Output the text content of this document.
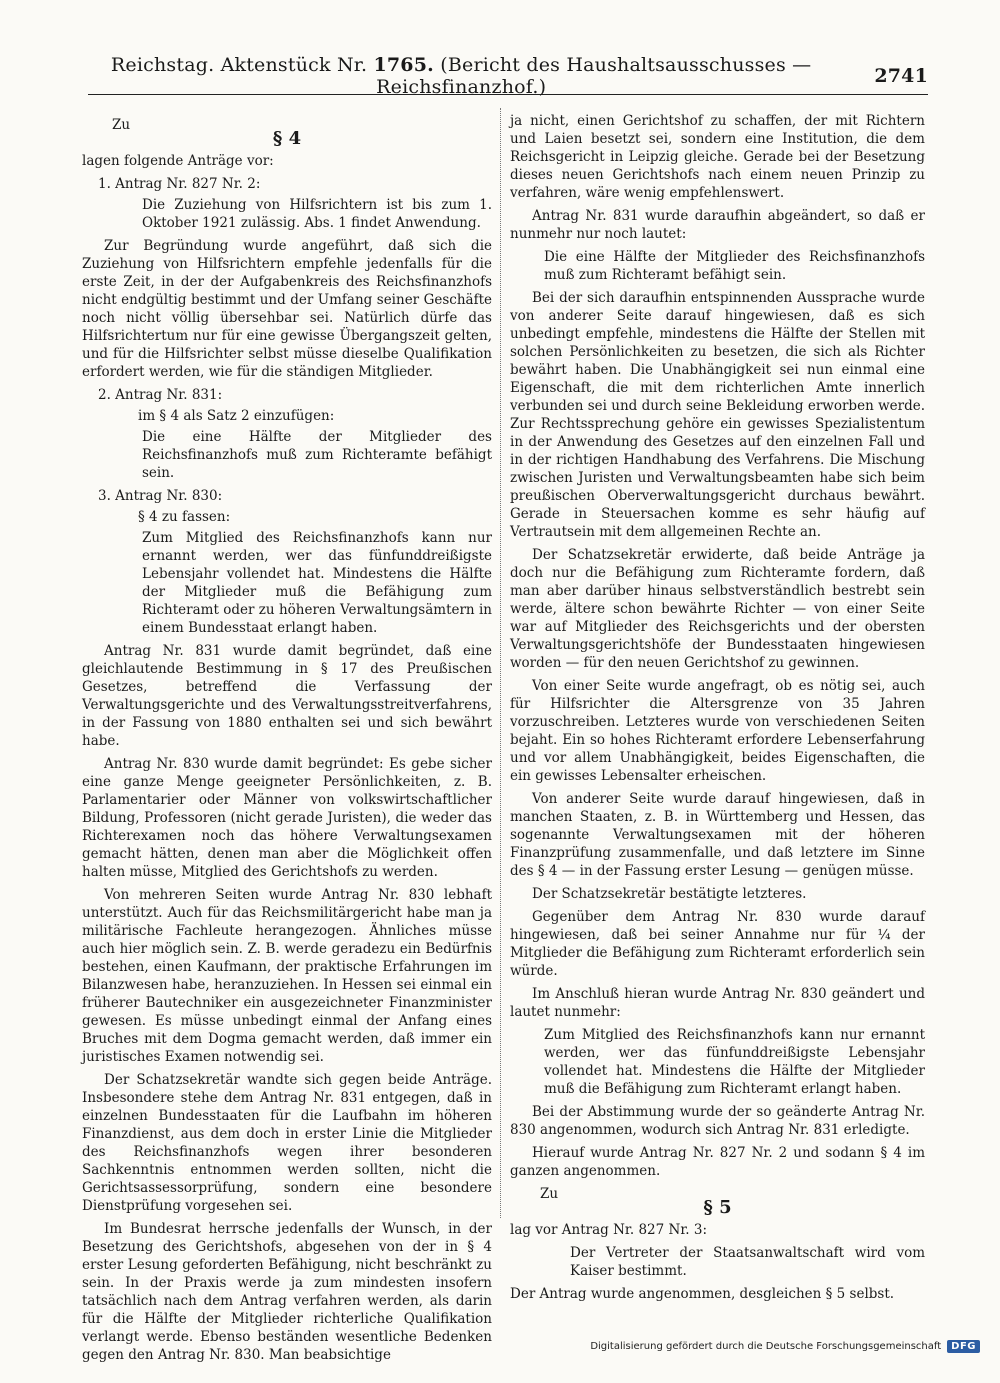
Reichstag. Aktenstück Nr. 1765. (Bericht des Haushaltsausschusses — Reichsfinanzhof.)	2741

Zu

§ 4

lagen folgende Anträge vor:

1. Antrag Nr. 827 Nr. 2:

Die Zuziehung von Hilfsrichtern ist bis zum 1. Oktober 1921 zulässig. Abs. 1 findet Anwendung.

Zur Begründung wurde angeführt, daß sich die Zuziehung von Hilfsrichtern empfehle jedenfalls für die erste Zeit, in der der Aufgabenkreis des Reichsfinanzhofs nicht endgültig bestimmt und der Umfang seiner Geschäfte noch nicht völlig übersehbar sei. Natürlich dürfe das Hilfsrichtertum nur für eine gewisse Übergangszeit gelten, und für die Hilfsrichter selbst müsse dieselbe Qualifikation erfordert werden, wie für die ständigen Mitglieder.

2. Antrag Nr. 831:

im § 4 als Satz 2 einzufügen:

Die eine Hälfte der Mitglieder des Reichsfinanzhofs muß zum Richteramte befähigt sein.

3. Antrag Nr. 830:

§ 4 zu fassen:

Zum Mitglied des Reichsfinanzhofs kann nur ernannt werden, wer das fünfunddreißigste Lebensjahr vollendet hat. Mindestens die Hälfte der Mitglieder muß die Befähigung zum Richteramt oder zu höheren Verwaltungsämtern in einem Bundesstaat erlangt haben.

Antrag Nr. 831 wurde damit begründet, daß eine gleichlautende Bestimmung in § 17 des Preußischen Gesetzes, betreffend die Verfassung der Verwaltungsgerichte und des Verwaltungsstreitverfahrens, in der Fassung von 1880 enthalten sei und sich bewährt habe.

Antrag Nr. 830 wurde damit begründet: Es gebe sicher eine ganze Menge geeigneter Persönlichkeiten, z. B. Parlamentarier oder Männer von volkswirtschaftlicher Bildung, Professoren (nicht gerade Juristen), die weder das Richterexamen noch das höhere Verwaltungsexamen gemacht hätten, denen man aber die Möglichkeit offen halten müsse, Mitglied des Gerichtshofs zu werden.

Von mehreren Seiten wurde Antrag Nr. 830 lebhaft unterstützt. Auch für das Reichsmilitärgericht habe man ja militärische Fachleute herangezogen. Ähnliches müsse auch hier möglich sein. Z. B. werde geradezu ein Bedürfnis bestehen, einen Kaufmann, der praktische Erfahrungen im Bilanzwesen habe, heranzuziehen. In Hessen sei einmal ein früherer Bautechniker ein ausgezeichneter Finanzminister gewesen. Es müsse unbedingt einmal der Anfang eines Bruches mit dem Dogma gemacht werden, daß immer ein juristisches Examen notwendig sei.

Der Schatzsekretär wandte sich gegen beide Anträge. Insbesondere stehe dem Antrag Nr. 831 entgegen, daß in einzelnen Bundesstaaten für die Laufbahn im höheren Finanzdienst, aus dem doch in erster Linie die Mitglieder des Reichsfinanzhofs wegen ihrer besonderen Sachkenntnis entnommen werden sollten, nicht die Gerichtsassessorprüfung, sondern eine besondere Dienstprüfung vorgesehen sei.

Im Bundesrat herrsche jedenfalls der Wunsch, in der Besetzung des Gerichtshofs, abgesehen von der in § 4 erster Lesung geforderten Befähigung, nicht beschränkt zu sein. In der Praxis werde ja zum mindesten insofern tatsächlich nach dem Antrag verfahren werden, als darin für die Hälfte der Mitglieder richterliche Qualifikation verlangt werde. Ebenso beständen wesentliche Bedenken gegen den Antrag Nr. 830. Man beabsichtige

ja nicht, einen Gerichtshof zu schaffen, der mit Richtern und Laien besetzt sei, sondern eine Institution, die dem Reichsgericht in Leipzig gleiche. Gerade bei der Besetzung dieses neuen Gerichtshofs nach einem neuen Prinzip zu verfahren, wäre wenig empfehlenswert.

Antrag Nr. 831 wurde daraufhin abgeändert, so daß er nunmehr nur noch lautet:

Die eine Hälfte der Mitglieder des Reichsfinanzhofs muß zum Richteramt befähigt sein.

Bei der sich daraufhin entspinnenden Aussprache wurde von anderer Seite darauf hingewiesen, daß es sich unbedingt empfehle, mindestens die Hälfte der Stellen mit solchen Persönlichkeiten zu besetzen, die sich als Richter bewährt haben. Die Unabhängigkeit sei nun einmal eine Eigenschaft, die mit dem richterlichen Amte innerlich verbunden sei und durch seine Bekleidung erworben werde. Zur Rechtssprechung gehöre ein gewisses Spezialistentum in der Anwendung des Gesetzes auf den einzelnen Fall und in der richtigen Handhabung des Verfahrens. Die Mischung zwischen Juristen und Verwaltungsbeamten habe sich beim preußischen Oberverwaltungsgericht durchaus bewährt. Gerade in Steuersachen komme es sehr häufig auf Vertrautsein mit dem allgemeinen Rechte an.

Der Schatzsekretär erwiderte, daß beide Anträge ja doch nur die Befähigung zum Richteramte fordern, daß man aber darüber hinaus selbstverständlich bestrebt sein werde, ältere schon bewährte Richter — von einer Seite war auf Mitglieder des Reichsgerichts und der obersten Verwaltungsgerichtshöfe der Bundesstaaten hingewiesen worden — für den neuen Gerichtshof zu gewinnen.

Von einer Seite wurde angefragt, ob es nötig sei, auch für Hilfsrichter die Altersgrenze von 35 Jahren vorzuschreiben. Letzteres wurde von verschiedenen Seiten bejaht. Ein so hohes Richteramt erfordere Lebenserfahrung und vor allem Unabhängigkeit, beides Eigenschaften, die ein gewisses Lebensalter erheischen.

Von anderer Seite wurde darauf hingewiesen, daß in manchen Staaten, z. B. in Württemberg und Hessen, das sogenannte Verwaltungsexamen mit der höheren Finanzprüfung zusammenfalle, und daß letztere im Sinne des § 4 — in der Fassung erster Lesung — genügen müsse.

Der Schatzsekretär bestätigte letzteres.

Gegenüber dem Antrag Nr. 830 wurde darauf hingewiesen, daß bei seiner Annahme nur für ¼ der Mitglieder die Befähigung zum Richteramt erforderlich sein würde.

Im Anschluß hieran wurde Antrag Nr. 830 geändert und lautet nunmehr:

Zum Mitglied des Reichsfinanzhofs kann nur ernannt werden, wer das fünfunddreißigste Lebensjahr vollendet hat. Mindestens die Hälfte der Mitglieder muß die Befähigung zum Richteramt erlangt haben.

Bei der Abstimmung wurde der so geänderte Antrag Nr. 830 angenommen, wodurch sich Antrag Nr. 831 erledigte.

Hierauf wurde Antrag Nr. 827 Nr. 2 und sodann § 4 im ganzen angenommen.

Zu

§ 5

lag vor Antrag Nr. 827 Nr. 3:

Der Vertreter der Staatsanwaltschaft wird vom Kaiser bestimmt.

Der Antrag wurde angenommen, desgleichen § 5 selbst.

Digitalisierung gefördert durch die Deutsche Forschungsgemeinschaft	DFG
